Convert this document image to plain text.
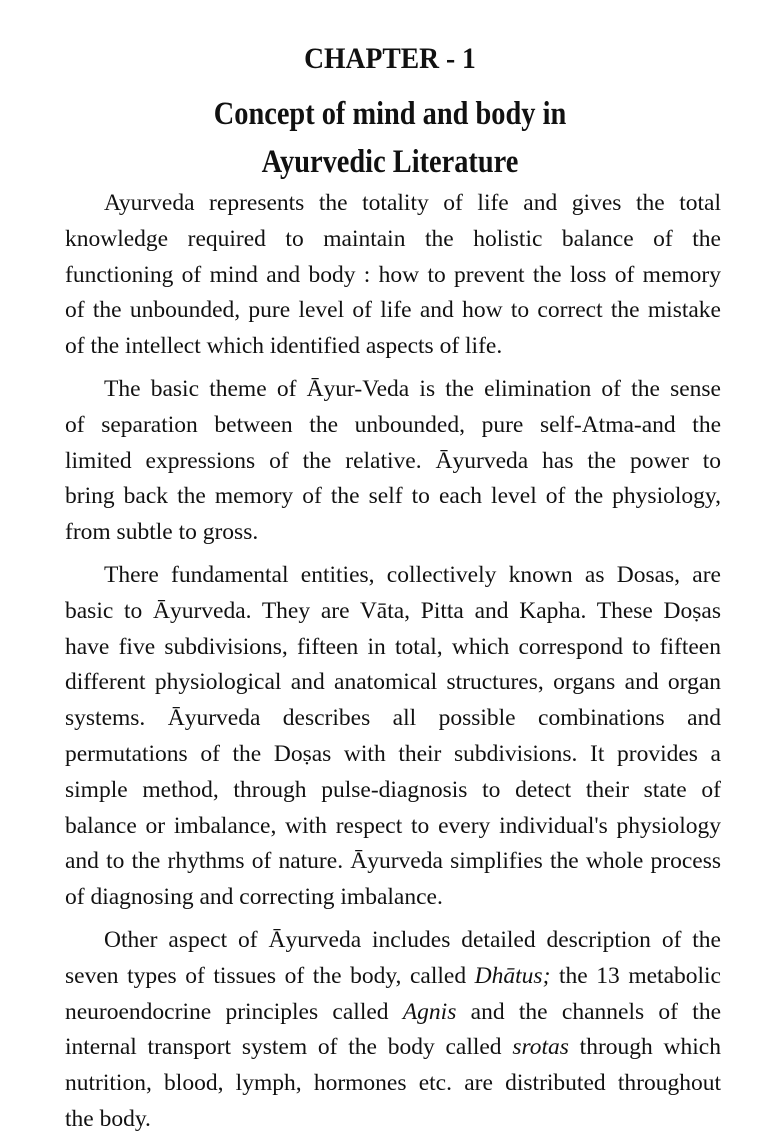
CHAPTER - 1
Concept of mind and body in
Ayurvedic Literature
Ayurveda represents the totality of life and gives the total
knowledge required to maintain the holistic balance of the
functioning of mind and body : how to prevent the loss of memory
of the unbounded, pure level of life and how to correct the mistake
of the intellect which identified aspects of life.
The basic theme of Āyur-Veda is the elimination of the sense
of separation between the unbounded, pure self-Atma-and the
limited expressions of the relative. Āyurveda has the power to
bring back the memory of the self to each level of the physiology,
from subtle to gross.
There fundamental entities, collectively known as Dosas, are
basic to Āyurveda. They are Vāta, Pitta and Kapha. These Doṣas
have five subdivisions, fifteen in total, which correspond to fifteen
different physiological and anatomical structures, organs and organ
systems. Āyurveda describes all possible combinations and
permutations of the Doṣas with their subdivisions. It provides a
simple method, through pulse-diagnosis to detect their state of
balance or imbalance, with respect to every individual's physiology
and to the rhythms of nature. Āyurveda simplifies the whole process
of diagnosing and correcting imbalance.
Other aspect of Āyurveda includes detailed description of the
seven types of tissues of the body, called Dhātus; the 13 metabolic
neuroendocrine principles called Agnis and the channels of the
internal transport system of the body called srotas through which
nutrition, blood, lymph, hormones etc. are distributed throughout
the body.
